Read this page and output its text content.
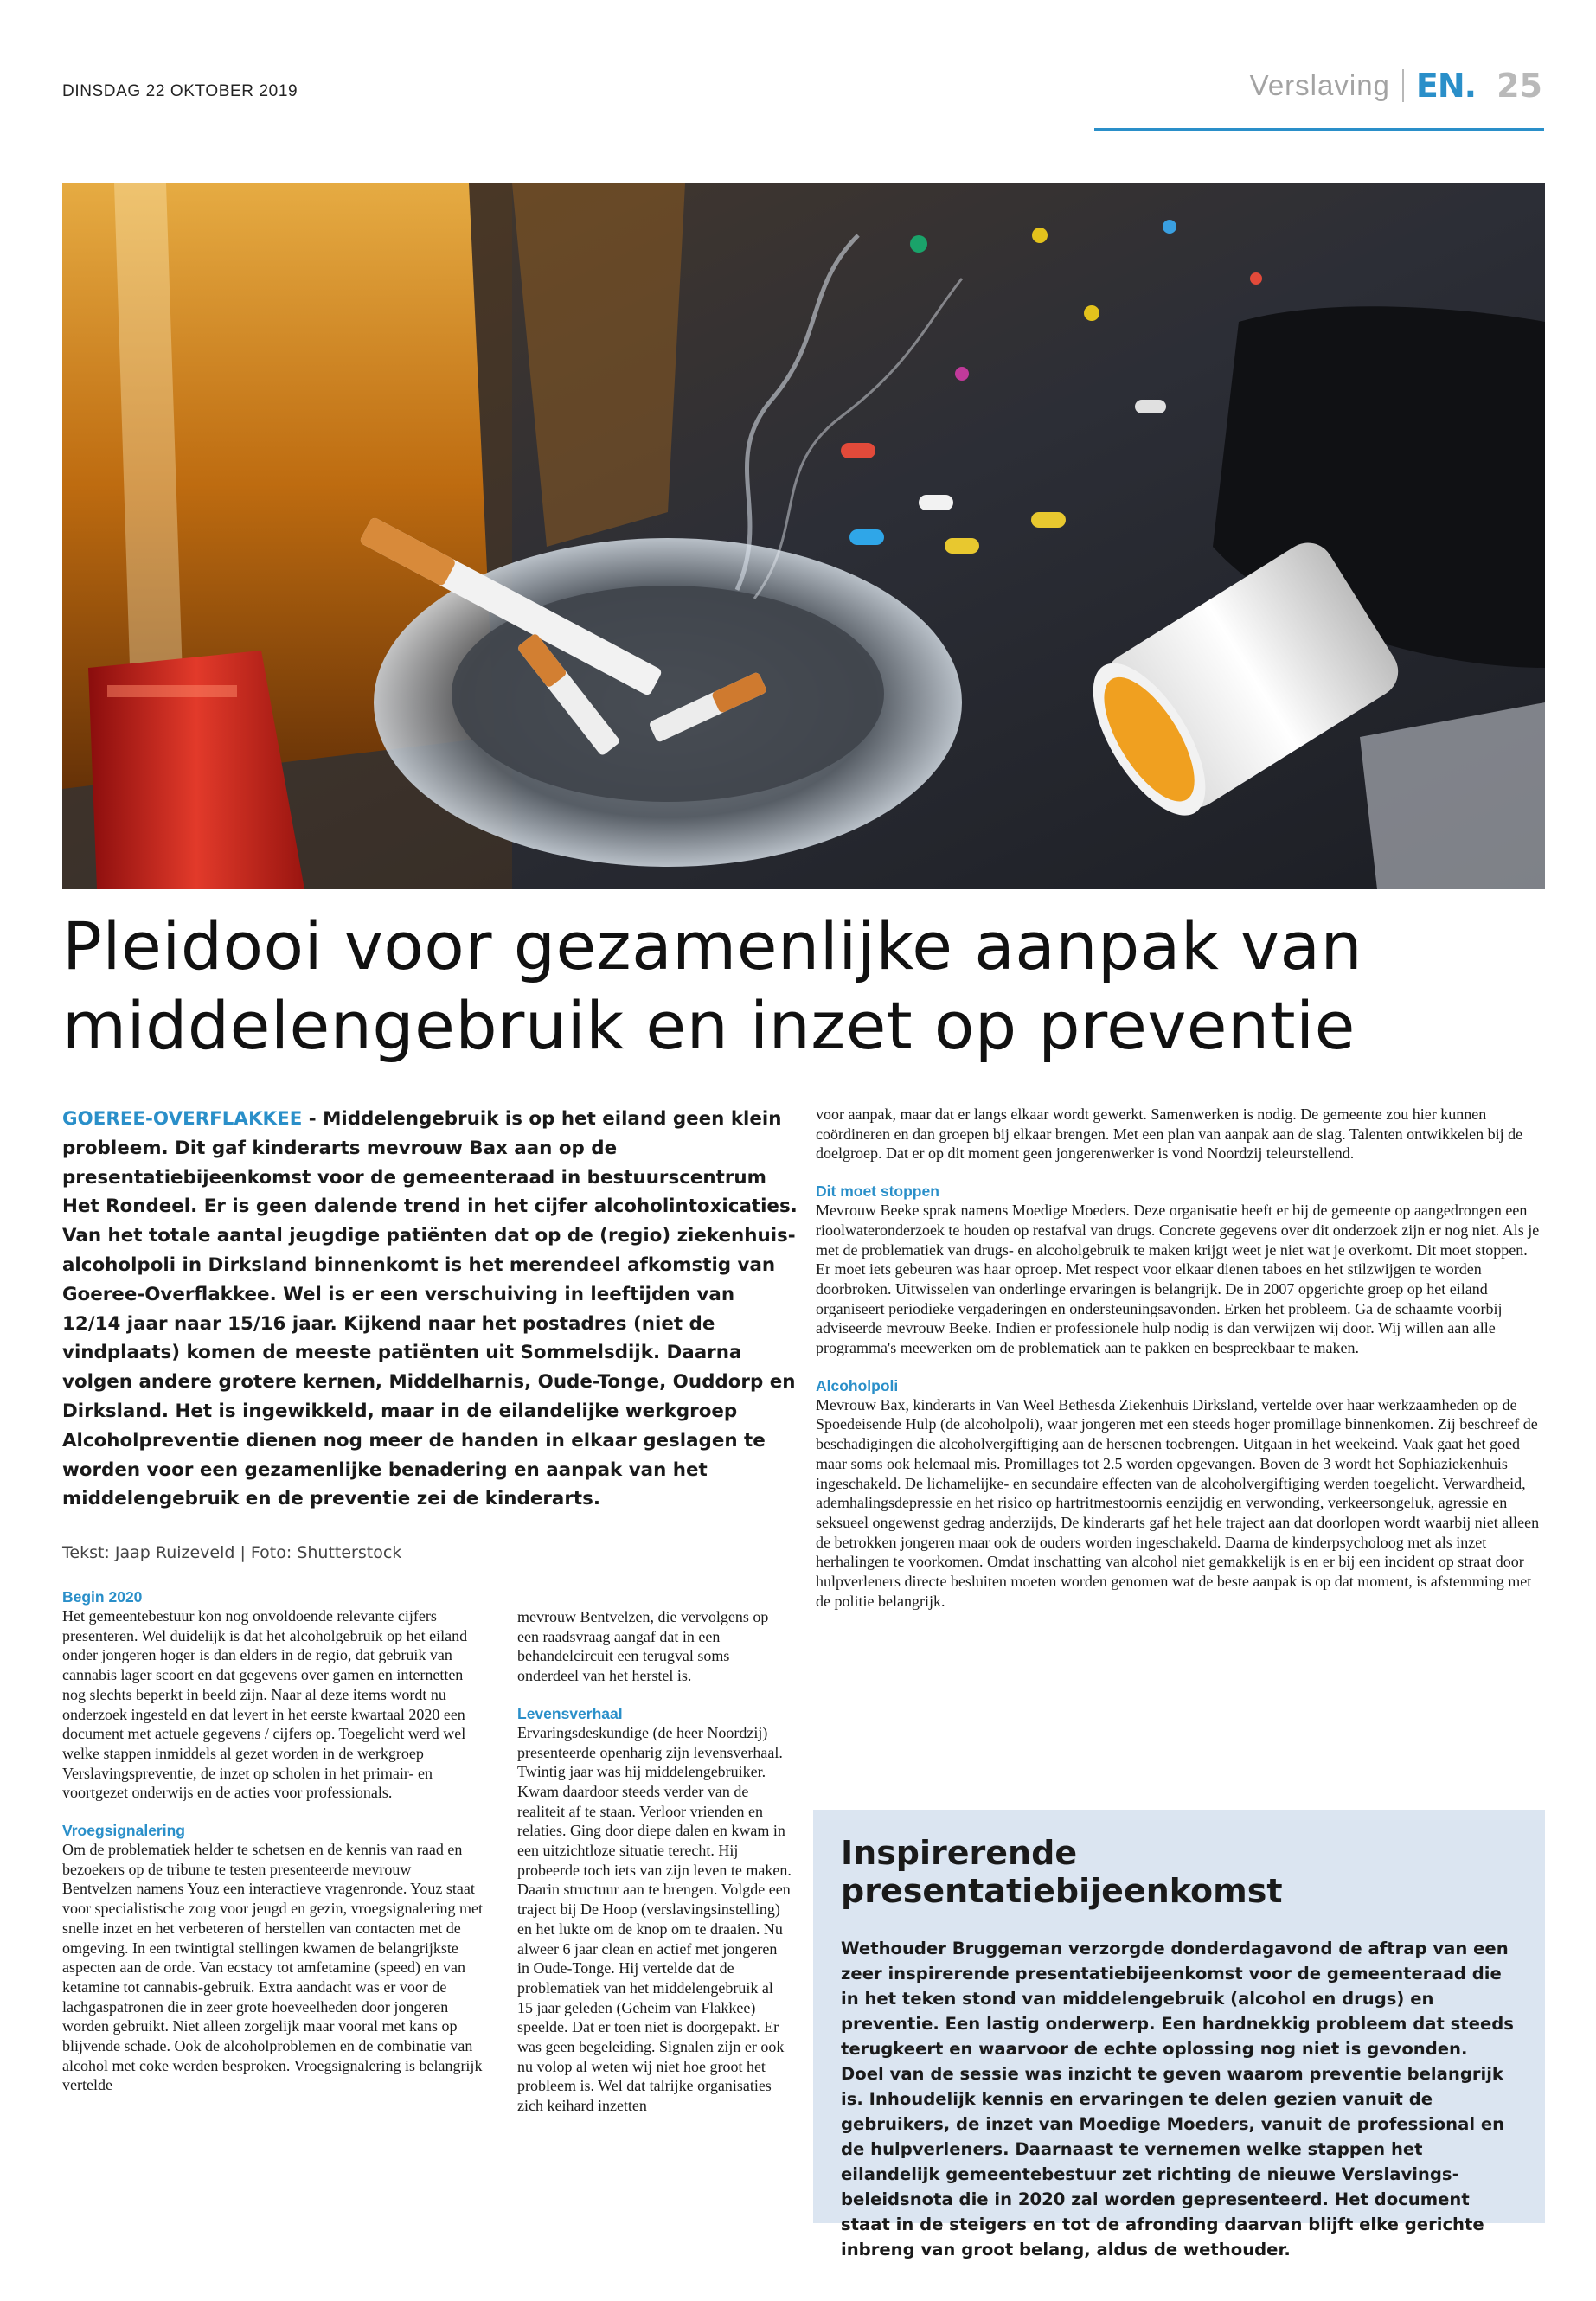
DINSDAG 22 OKTOBER 2019	Verslaving EN. 25
Pleidooi voor gezamenlijke aanpak van
middelengebruik en inzet op preventie

GOEREE-OVERFLAKKEE - Middelengebruik is op het eiland geen klein probleem. Dit gaf kinderarts mevrouw Bax aan op de presentatiebijeenkomst voor de gemeenteraad in bestuurscentrum Het Rondeel. Er is geen dalende trend in het cijfer alcoholintoxicaties. Van het totale aantal jeugdige patiënten dat op de (regio) ziekenhuis- alcoholpoli in Dirksland binnenkomt is het merendeel afkomstig van Goeree-Overflakkee. Wel is er een verschuiving in leeftijden van 12/14 jaar naar 15/16 jaar. Kijkend naar het postadres (niet de vindplaats) komen de meeste patiënten uit Sommelsdijk. Daarna volgen andere grotere kernen, Middelharnis, Oude-Tonge, Ouddorp en Dirksland. Het is ingewikkeld, maar in de eilandelijke werkgroep Alcoholpreventie dienen nog meer de handen in elkaar geslagen te worden voor een gezamenlijke benadering en aanpak van het middelengebruik en de preventie zei de kinderarts.

Tekst: Jaap Ruizeveld | Foto: Shutterstock

Begin 2020

Het gemeentebestuur kon nog onvoldoende relevante cijfers presenteren. Wel duidelijk is dat het alcoholgebruik op het eiland onder jongeren hoger is dan elders in de regio, dat gebruik van cannabis lager scoort en dat gegevens over gamen en internetten nog slechts beperkt in beeld zijn. Naar al deze items wordt nu onderzoek ingesteld en dat levert in het eerste kwartaal 2020 een document met actuele gegevens / cijfers op. Toegelicht werd wel welke stappen inmiddels al gezet worden in de werkgroep Verslavingspreventie, de inzet op scholen in het primair- en voortgezet onderwijs en de acties voor professionals.

Vroegsignalering

Om de problematiek helder te schetsen en de kennis van raad en bezoekers op de tribune te testen presenteerde mevrouw Bentvelzen namens Youz een interactieve vragenronde. Youz staat voor specialistische zorg voor jeugd en gezin, vroegsignalering met snelle inzet en het verbeteren of herstellen van contacten met de omgeving. In een twintigtal stellingen kwamen de belangrijkste aspecten aan de orde. Van ecstacy tot amfetamine (speed) en van ketamine tot cannabis-gebruik. Extra aandacht was er voor de lachgaspatronen die in zeer grote hoeveelheden door jongeren worden gebruikt. Niet alleen zorgelijk maar vooral met kans op blijvende schade. Ook de alcoholproblemen en de combinatie van alcohol met coke werden besproken. Vroegsignalering is belangrijk vertelde

mevrouw Bentvelzen, die vervolgens op een raadsvraag aangaf dat in een behandelcircuit een terugval soms onderdeel van het herstel is.

Levensverhaal

Ervaringsdeskundige (de heer Noordzij) presenteerde openharig zijn levensverhaal. Twintig jaar was hij middelengebruiker. Kwam daardoor steeds verder van de realiteit af te staan. Verloor vrienden en relaties. Ging door diepe dalen en kwam in een uitzichtloze situatie terecht. Hij probeerde toch iets van zijn leven te maken. Daarin structuur aan te brengen. Volgde een traject bij De Hoop (verslavingsinstelling) en het lukte om de knop om te draaien. Nu alweer 6 jaar clean en actief met jongeren in Oude-Tonge. Hij vertelde dat de problematiek van het middelengebruik al 15 jaar geleden (Geheim van Flakkee) speelde. Dat er toen niet is doorgepakt. Er was geen begeleiding. Signalen zijn er ook nu volop al weten wij niet hoe groot het probleem is. Wel dat talrijke organisaties zich keihard inzetten

voor aanpak, maar dat er langs elkaar wordt gewerkt. Samenwerken is nodig. De gemeente zou hier kunnen coördineren en dan groepen bij elkaar brengen. Met een plan van aanpak aan de slag. Talenten ontwikkelen bij de doelgroep. Dat er op dit moment geen jongerenwerker is vond Noordzij teleurstellend.

Dit moet stoppen

Mevrouw Beeke sprak namens Moedige Moeders. Deze organisatie heeft er bij de gemeente op aangedrongen een rioolwateronderzoek te houden op restafval van drugs. Concrete gegevens over dit onderzoek zijn er nog niet. Als je met de problematiek van drugs- en alcoholgebruik te maken krijgt weet je niet wat je overkomt. Dit moet stoppen. Er moet iets gebeuren was haar oproep. Met respect voor elkaar dienen taboes en het stilzwijgen te worden doorbroken. Uitwisselen van onderlinge ervaringen is belangrijk. De in 2007 opgerichte groep op het eiland organiseert periodieke vergaderingen en ondersteuningsavonden. Erken het probleem. Ga de schaamte voorbij adviseerde mevrouw Beeke. Indien er professionele hulp nodig is dan verwijzen wij door. Wij willen aan alle programma's meewerken om de problematiek aan te pakken en bespreekbaar te maken.

Alcoholpoli

Mevrouw Bax, kinderarts in Van Weel Bethesda Ziekenhuis Dirksland, vertelde over haar werkzaamheden op de Spoedeisende Hulp (de alcoholpoli), waar jongeren met een steeds hoger promillage binnenkomen. Zij beschreef de beschadigingen die alcoholvergiftiging aan de hersenen toebrengen. Uitgaan in het weekeind. Vaak gaat het goed maar soms ook helemaal mis. Promillages tot 2.5 worden opgevangen. Boven de 3 wordt het Sophiaziekenhuis ingeschakeld. De lichamelijke- en secundaire effecten van de alcoholvergiftiging werden toegelicht. Verwardheid, ademhalingsdepressie en het risico op hartritmestoornis eenzijdig en verwonding, verkeersongeluk, agressie en seksueel ongewenst gedrag anderzijds, De kinderarts gaf het hele traject aan dat doorlopen wordt waarbij niet alleen de betrokken jongeren maar ook de ouders worden ingeschakeld. Daarna de kinderpsycholoog met als inzet herhalingen te voorkomen. Omdat inschatting van alcohol niet gemakkelijk is en er bij een incident op straat door hulpverleners directe besluiten moeten worden genomen wat de beste aanpak is op dat moment, is afstemming met de politie belangrijk.

Inspirerende presentatiebijeenkomst

Wethouder Bruggeman verzorgde donderdagavond de aftrap van een zeer inspirerende presentatiebijeenkomst voor de gemeenteraad die in het teken stond van middelengebruik (alcohol en drugs) en preventie. Een lastig onderwerp. Een hardnekkig probleem dat steeds terugkeert en waarvoor de echte oplossing nog niet is gevonden. Doel van de sessie was inzicht te geven waarom preventie belangrijk is. Inhoudelijk kennis en ervaringen te delen gezien vanuit de gebruikers, de inzet van Moedige Moeders, vanuit de professional en de hulpverleners. Daarnaast te vernemen welke stappen het eilandelijk gemeentebestuur zet richting de nieuwe Verslavings-beleidsnota die in 2020 zal worden gepresenteerd. Het document staat in de steigers en tot de afronding daarvan blijft elke gerichte inbreng van groot belang, aldus de wethouder.
